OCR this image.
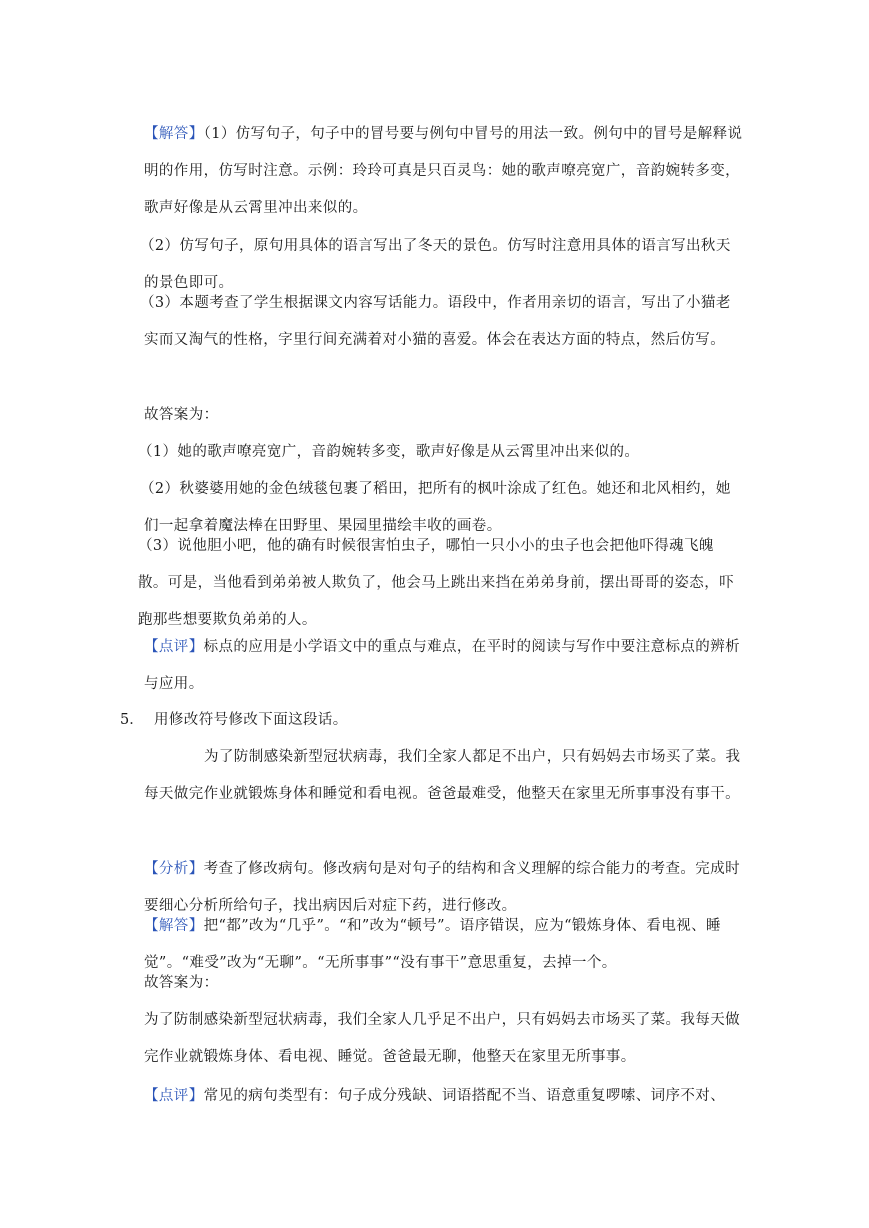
【解答】（1）仿写句子，句子中的冒号要与例句中冒号的用法一致。例句中的冒号是解释说明的作用，仿写时注意。示例：玲玲可真是只百灵鸟：她的歌声嘹亮宽广，音韵婉转多变，歌声好像是从云霄里冲出来似的。
（2）仿写句子，原句用具体的语言写出了冬天的景色。仿写时注意用具体的语言写出秋天的景色即可。
（3）本题考查了学生根据课文内容写话能力。语段中，作者用亲切的语言，写出了小猫老实而又淘气的性格，字里行间充满着对小猫的喜爱。体会在表达方面的特点，然后仿写。
故答案为：
（1）她的歌声嘹亮宽广，音韵婉转多变，歌声好像是从云霄里冲出来似的。
（2）秋婆婆用她的金色绒毯包裹了稻田，把所有的枫叶涂成了红色。她还和北风相约，她们一起拿着魔法棒在田野里、果园里描绘丰收的画卷。
（3）说他胆小吧，他的确有时候很害怕虫子，哪怕一只小小的虫子也会把他吓得魂飞魄散。可是，当他看到弟弟被人欺负了，他会马上跳出来挡在弟弟身前，摆出哥哥的姿态，吓跑那些想要欺负弟弟的人。
【点评】标点的应用是小学语文中的重点与难点，在平时的阅读与写作中要注意标点的辨析与应用。
5． 用修改符号修改下面这段话。
为了防制感染新型冠状病毒，我们全家人都足不出户，只有妈妈去市场买了菜。我每天做完作业就锻炼身体和睡觉和看电视。爸爸最难受，他整天在家里无所事事没有事干。
【分析】考查了修改病句。修改病句是对句子的结构和含义理解的综合能力的考查。完成时要细心分析所给句子，找出病因后对症下药，进行修改。
【解答】把“都”改为“几乎”。“和”改为“顿号”。语序错误，应为“锻炼身体、看电视、睡觉”。“难受”改为“无聊”。“无所事事”“没有事干”意思重复，去掉一个。
故答案为：
为了防制感染新型冠状病毒，我们全家人几乎足不出户，只有妈妈去市场买了菜。我每天做完作业就锻炼身体、看电视、睡觉。爸爸最无聊，他整天在家里无所事事。
【点评】常见的病句类型有：句子成分残缺、词语搭配不当、语意重复啰嗦、词序不对、
